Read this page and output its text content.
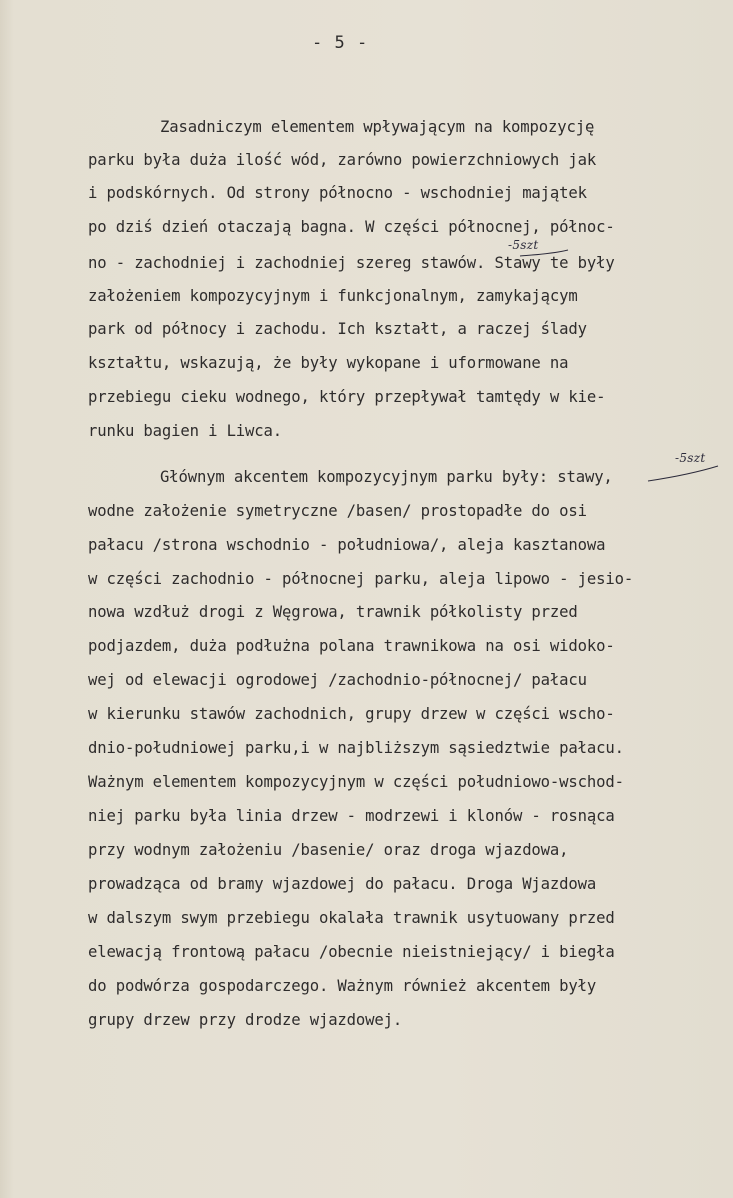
- 5 -
Zasadniczym elementem wpływającym na kompozycję
parku była duża ilość wód, zarówno powierzchniowych jak
i podskórnych. Od strony północno - wschodniej majątek
po dziś dzień otaczają bagna. W części północnej, północ-
no - zachodniej i zachodniej szereg stawów. Stawy te były
założeniem kompozycyjnym i funkcjonalnym, zamykającym
park od północy i zachodu. Ich kształt, a raczej ślady
kształtu, wskazują, że były wykopane i uformowane na
przebiegu cieku wodnego, który przepływał tamtędy w kie-
runku bagien i Liwca.
Głównym akcentem kompozycyjnym parku były: stawy,
wodne założenie symetryczne /basen/ prostopadłe do osi
pałacu /strona wschodnio - południowa/, aleja kasztanowa
w części zachodnio - północnej parku, aleja lipowo - jesio-
nowa wzdłuż drogi z Węgrowa, trawnik półkolisty przed
podjazdem, duża podłużna polana trawnikowa na osi widoko-
wej od elewacji ogrodowej /zachodnio-północnej/ pałacu
w kierunku stawów zachodnich, grupy drzew w części wscho-
dnio-południowej parku,i w najbliższym sąsiedztwie pałacu.
Ważnym elementem kompozycyjnym w części południowo-wschod-
niej parku była linia drzew - modrzewi i klonów - rosnąca
przy wodnym założeniu /basenie/ oraz droga wjazdowa,
prowadząca od bramy wjazdowej do pałacu. Droga Wjazdowa
w dalszym swym przebiegu okalała trawnik usytuowany przed
elewacją frontową pałacu /obecnie nieistniejący/ i biegła
do podwórza gospodarczego. Ważnym również akcentem były
grupy drzew przy drodze wjazdowej.
-5szt
-5szt
